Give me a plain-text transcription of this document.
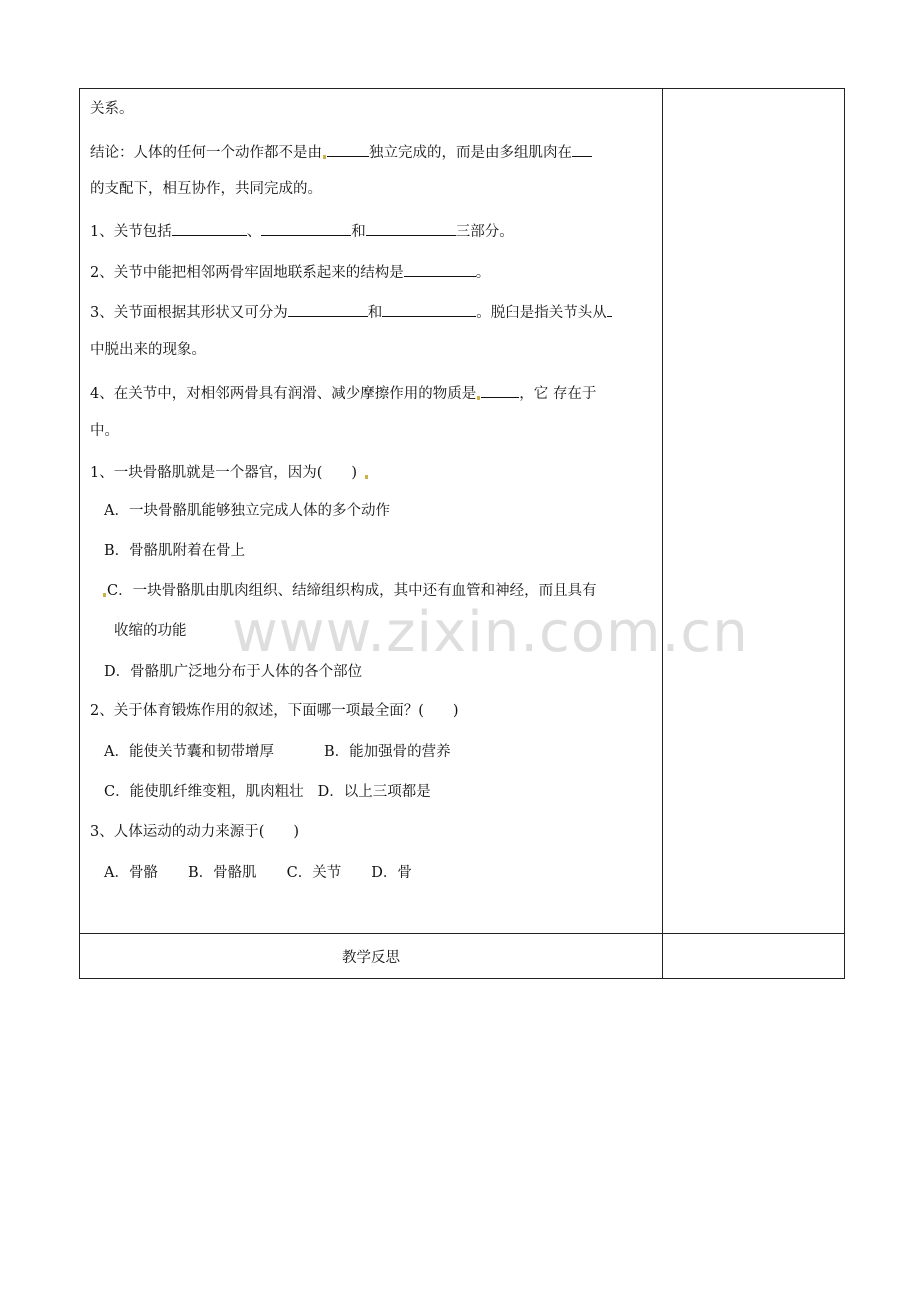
关系。
结论：人体的任何一个动作都不是由	独立完成的，而是由多组肌肉在
的支配下，相互协作，共同完成的。
1、关节包括	、	和	三部分。
2、关节中能把相邻两骨牢固地联系起来的结构是	。
3、关节面根据其形状又可分为	和	。脱臼是指关节头从
中脱出来的现象。
4、在关节中，对相邻两骨具有润滑、减少摩擦作用的物质是	，它 存在于
中。
1、一块骨骼肌就是一个器官，因为(　　)
A．一块骨骼肌能够独立完成人体的多个动作
B．骨骼肌附着在骨上
C．一块骨骼肌由肌肉组织、结缔组织构成，其中还有血管和神经，而且具有
收缩的功能
D．骨骼肌广泛地分布于人体的各个部位
2、关于体育锻炼作用的叙述，下面哪一项最全面？(　　)
A．能使关节囊和韧带增厚	B．能加强骨的营养
C．能使肌纤维变粗，肌肉粗壮 D．以上三项都是
3、人体运动的动力来源于(　　)
A．骨骼 B．骨骼肌 C．关节 D．骨
教学反思
www.zixin.com.cn
